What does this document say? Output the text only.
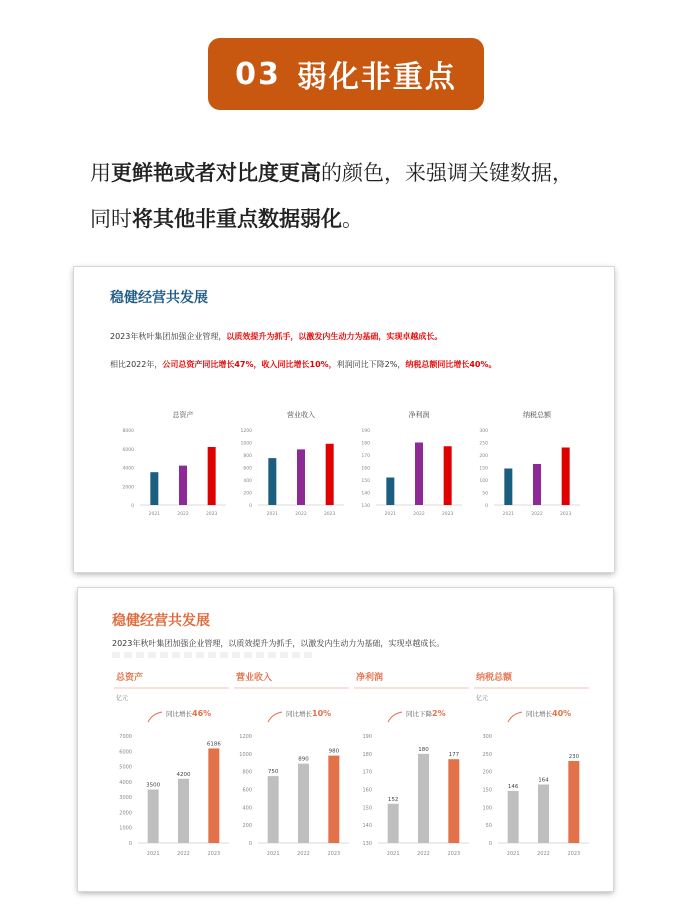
03 弱化非重点
用更鲜艳或者对比度更高的颜色，来强调关键数据，
同时将其他非重点数据弱化。
稳健经营共发展
2023年秋叶集团加强企业管理，以质效提升为抓手，以激发内生动力为基础，实现卓越成长。
相比2022年，公司总资产同比增长47%，收入同比增长10%，利润同比下降2%，纳税总额同比增长40%。
总资产
0
2000
4000
6000
8000
2021	2022	2023
营业收入
0
200
400
600
800
1000
1200
2021	2022	2023
净利润
130
140
150
160
170
180
190
2021	2022	2023
纳税总额
0
50
100
150
200
250
300
2021	2022	2023
稳健经营共发展
2023年秋叶集团加强企业管理，以质效提升为抓手，以激发内生动力为基础，实现卓越成长。
总资产
亿元
同比增长46%
0
1000
2000
3000
4000
5000
6000
7000
2021
3500
2022
4200
2023
6186
营业收入
同比增长10%
0
200
400
600
800
1000
1200
2021
750
2022
890
2023
980
净利润
同比下降2%
130
140
150
160
170
180
190
2021
152
2022
180
2023
177
纳税总额
亿元
同比增长40%
0
50
100
150
200
250
300
2021
146
2022
164
2023
230
